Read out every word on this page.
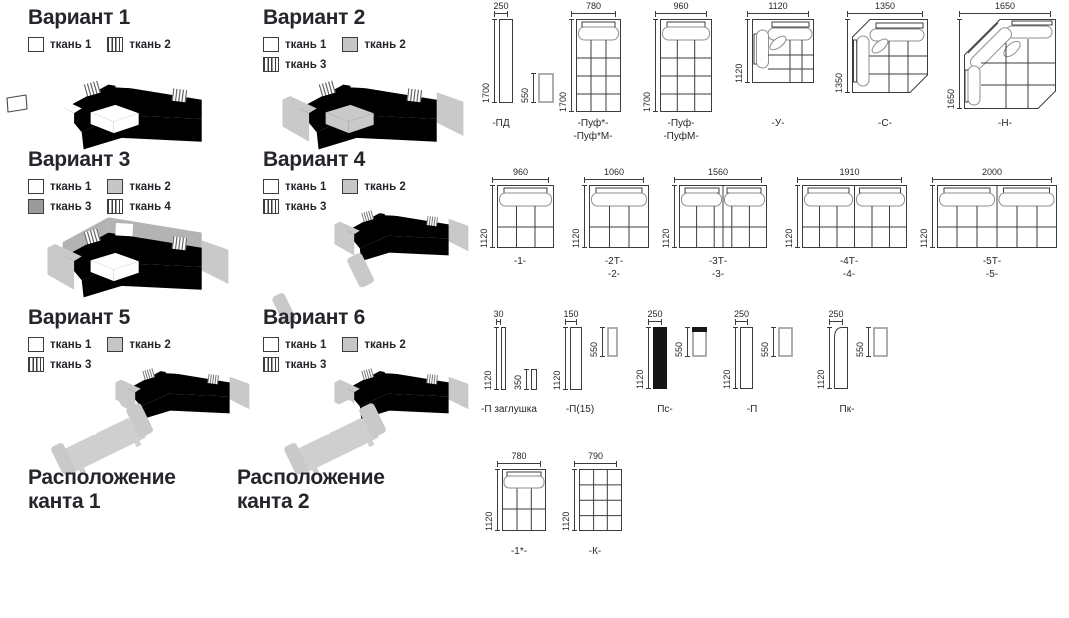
Вариант 1
ткань 1	ткань 2
Вариант 2
ткань 1	ткань 2
ткань 3
Вариант 3
ткань 1	ткань 2
ткань 3	ткань 4
Вариант 4
ткань 1	ткань 2
ткань 3
Вариант 5
ткань 1	ткань 2
ткань 3
Вариант 6
ткань 1	ткань 2
ткань 3
Расположение
канта 1
Расположение
канта 2
250
1700	550
-ПД
780
1700
-Пуф*-
-Пуф*М-
960
1700
-Пуф-
-ПуфМ-
1120
1120
-У-
1350
1350
-С-
1650
1650
-Н-
960
1120
-1-
1060
1120
-2Т-
-2-
1560
1120
-3Т-
-3-
1910
1120
-4Т-
-4-
2000
1120
-5Т-
-5-
30
1120 350
-П заглушка
150
1120
550
-П(15)
250
1120
550
Пс-
250
1120
550
-П
250
1120
550
Пк-
780
1120
-1*-
790
1120
-К-
